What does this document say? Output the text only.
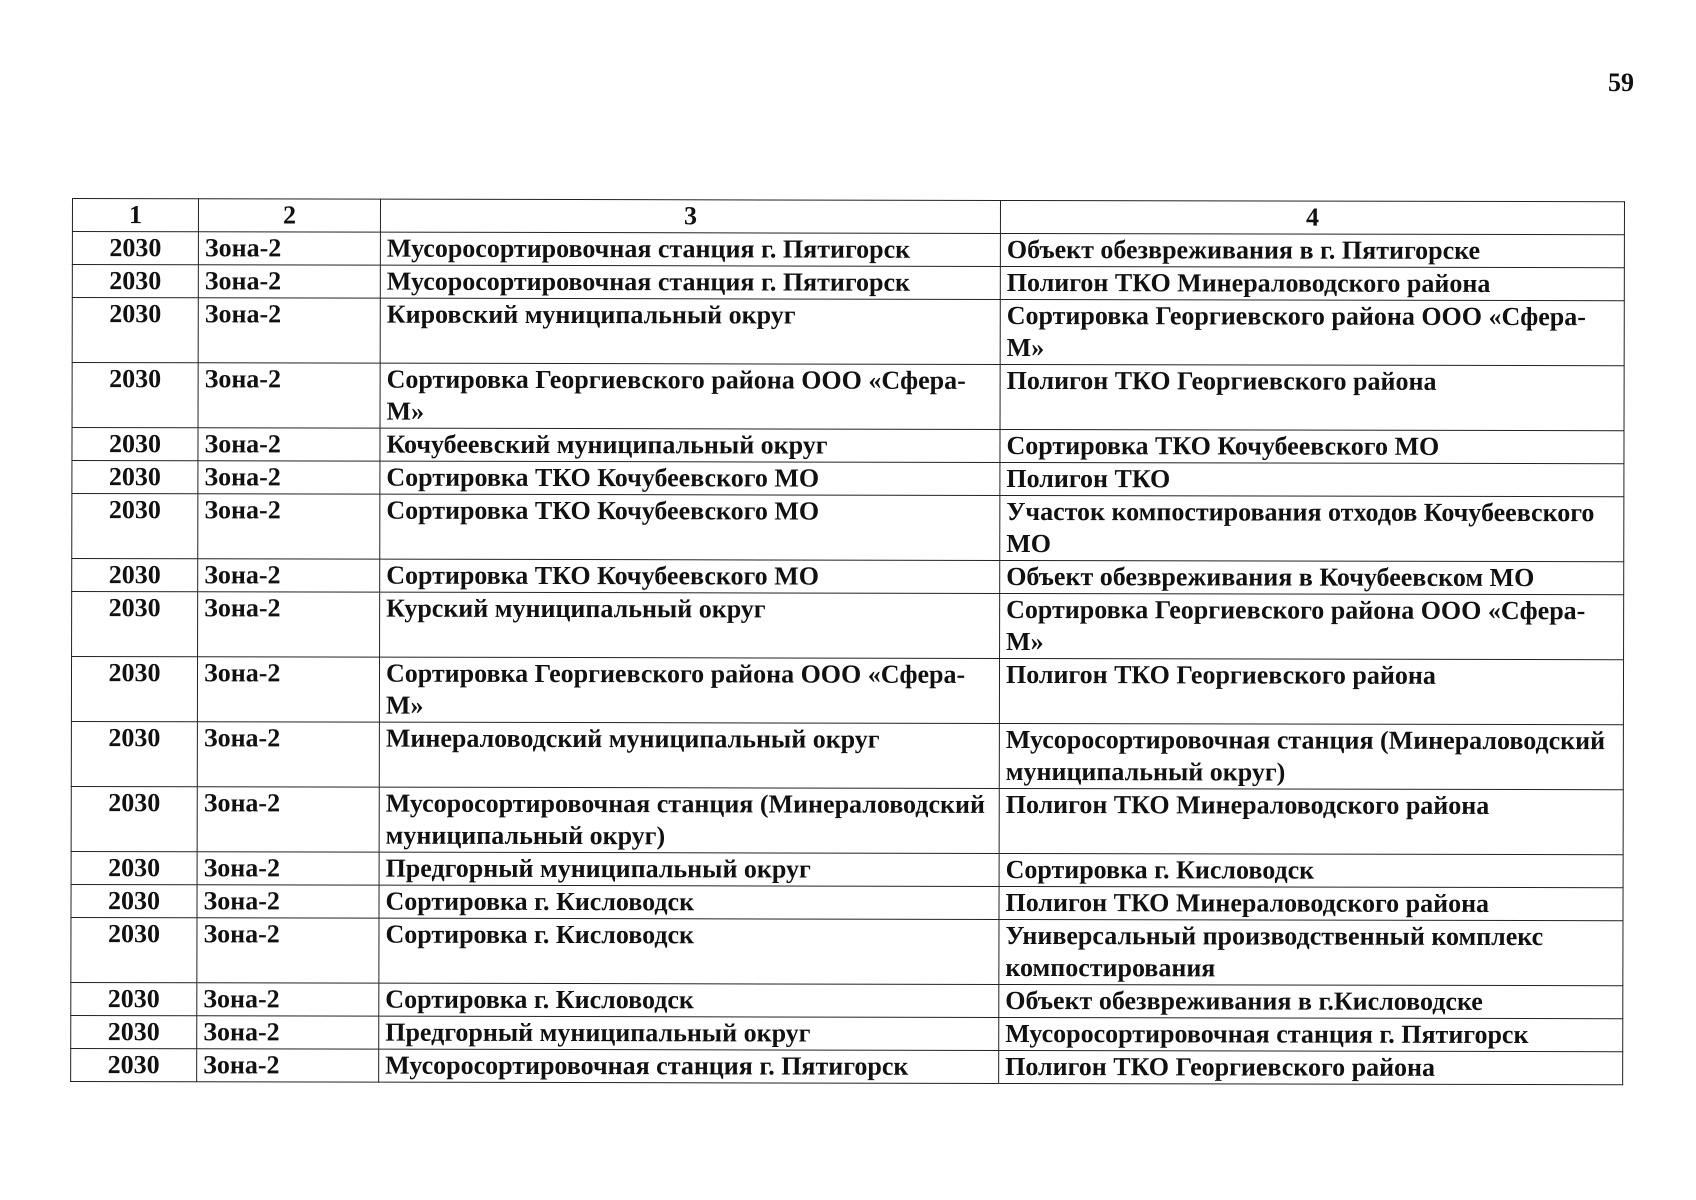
59
1	2	3	4
2030	Зона-2	Мусоросортировочная станция г. Пятигорск	Объект обезвреживания в г. Пятигорске
2030	Зона-2	Мусоросортировочная станция г. Пятигорск	Полигон ТКО Минераловодского района
2030	Зона-2	Кировский муниципальный округ	Сортировка Георгиевского района ООО «Сфера-М»
2030	Зона-2	Сортировка Георгиевского района ООО «Сфера-М»	Полигон ТКО Георгиевского района
2030	Зона-2	Кочубеевский муниципальный округ	Сортировка ТКО Кочубеевского МО
2030	Зона-2	Сортировка ТКО Кочубеевского МО	Полигон ТКО
2030	Зона-2	Сортировка ТКО Кочубеевского МО	Участок компостирования отходов Кочубеевского МО
2030	Зона-2	Сортировка ТКО Кочубеевского МО	Объект обезвреживания в Кочубеевском МО
2030	Зона-2	Курский муниципальный округ	Сортировка Георгиевского района ООО «Сфера-М»
2030	Зона-2	Сортировка Георгиевского района ООО «Сфера-М»	Полигон ТКО Георгиевского района
2030	Зона-2	Минераловодский муниципальный округ	Мусоросортировочная станция (Минераловодский муниципальный округ)
2030	Зона-2	Мусоросортировочная станция (Минераловодский муниципальный округ)	Полигон ТКО Минераловодского района
2030	Зона-2	Предгорный муниципальный округ	Сортировка г. Кисловодск
2030	Зона-2	Сортировка г. Кисловодск	Полигон ТКО Минераловодского района
2030	Зона-2	Сортировка г. Кисловодск	Универсальный производственный комплекс компостирования
2030	Зона-2	Сортировка г. Кисловодск	Объект обезвреживания в г.Кисловодске
2030	Зона-2	Предгорный муниципальный округ	Мусоросортировочная станция г. Пятигорск
2030	Зона-2	Мусоросортировочная станция г. Пятигорск	Полигон ТКО Георгиевского района
